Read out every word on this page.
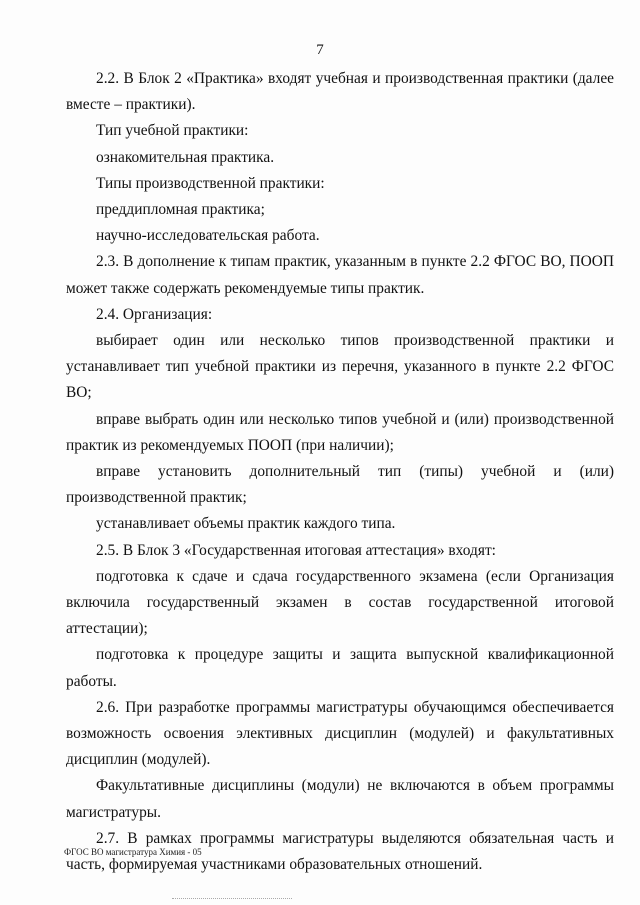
7

2.2. В Блок 2 «Практика» входят учебная и производственная практики (далее вместе – практики).

Тип учебной практики:

ознакомительная практика.

Типы производственной практики:

преддипломная практика;

научно-исследовательская работа.

2.3. В дополнение к типам практик, указанным в пункте 2.2 ФГОС ВО, ПООП может также содержать рекомендуемые типы практик.

2.4. Организация:

выбирает один или несколько типов производственной практики и устанавливает тип учебной практики из перечня, указанного в пункте 2.2 ФГОС ВО;

вправе выбрать один или несколько типов учебной и (или) производственной практик из рекомендуемых ПООП (при наличии);

вправе установить дополнительный тип (типы) учебной и (или) производственной практик;

устанавливает объемы практик каждого типа.

2.5. В Блок 3 «Государственная итоговая аттестация» входят:

подготовка к сдаче и сдача государственного экзамена (если Организация включила государственный экзамен в состав государственной итоговой аттестации);

подготовка к процедуре защиты и защита выпускной квалификационной работы.

2.6. При разработке программы магистратуры обучающимся обеспечивается возможность освоения элективных дисциплин (модулей) и факультативных дисциплин (модулей).

Факультативные дисциплины (модули) не включаются в объем программы магистратуры.

2.7. В рамках программы магистратуры выделяются обязательная часть и часть, формируемая участниками образовательных отношений.

ФГОС ВО магистратура Химия - 05
